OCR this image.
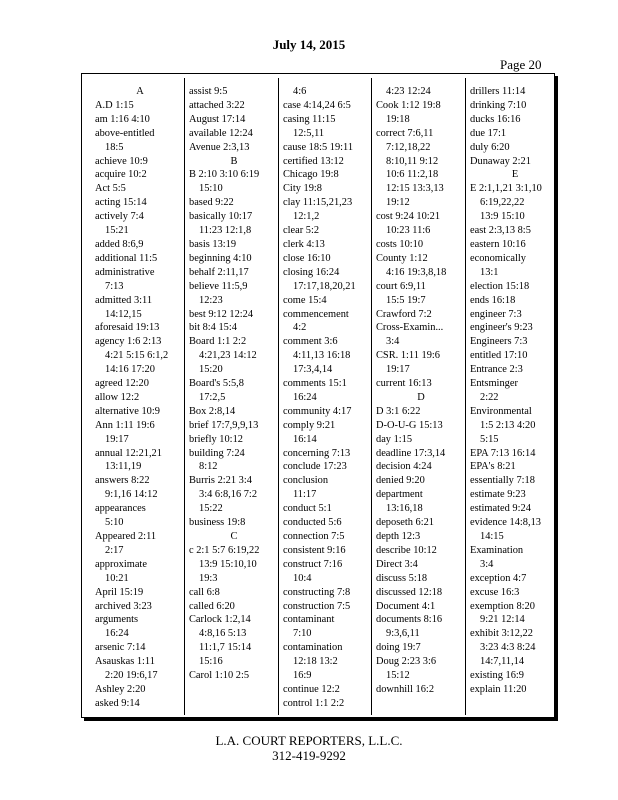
July 14, 2015
Page 20
A
A.D 1:15
am 1:16 4:10
above-entitled
18:5
achieve 10:9
acquire 10:2
Act 5:5
acting 15:14
actively 7:4
15:21
added 8:6,9
additional 11:5
administrative
7:13
admitted 3:11
14:12,15
aforesaid 19:13
agency 1:6 2:13
4:21 5:15 6:1,2
14:16 17:20
agreed 12:20
allow 12:2
alternative 10:9
Ann 1:11 19:6
19:17
annual 12:21,21
13:11,19
answers 8:22
9:1,16 14:12
appearances
5:10
Appeared 2:11
2:17
approximate
10:21
April 15:19
archived 3:23
arguments
16:24
arsenic 7:14
Asauskas 1:11
2:20 19:6,17
Ashley 2:20
asked 9:14
assist 9:5
attached 3:22
August 17:14
available 12:24
Avenue 2:3,13
B
B 2:10 3:10 6:19
15:10
based 9:22
basically 10:17
11:23 12:1,8
basis 13:19
beginning 4:10
behalf 2:11,17
believe 11:5,9
12:23
best 9:12 12:24
bit 8:4 15:4
Board 1:1 2:2
4:21,23 14:12
15:20
Board's 5:5,8
17:2,5
Box 2:8,14
brief 17:7,9,9,13
briefly 10:12
building 7:24
8:12
Burris 2:21 3:4
3:4 6:8,16 7:2
15:22
business 19:8
C
c 2:1 5:7 6:19,22
13:9 15:10,10
19:3
call 6:8
called 6:20
Carlock 1:2,14
4:8,16 5:13
11:1,7 15:14
15:16
Carol 1:10 2:5
4:6
case 4:14,24 6:5
casing 11:15
12:5,11
cause 18:5 19:11
certified 13:12
Chicago 19:8
City 19:8
clay 11:15,21,23
12:1,2
clear 5:2
clerk 4:13
close 16:10
closing 16:24
17:17,18,20,21
come 15:4
commencement
4:2
comment 3:6
4:11,13 16:18
17:3,4,14
comments 15:1
16:24
community 4:17
comply 9:21
16:14
concerning 7:13
conclude 17:23
conclusion
11:17
conduct 5:1
conducted 5:6
connection 7:5
consistent 9:16
construct 7:16
10:4
constructing 7:8
construction 7:5
contaminant
7:10
contamination
12:18 13:2
16:9
continue 12:2
control 1:1 2:2
4:23 12:24
Cook 1:12 19:8
19:18
correct 7:6,11
7:12,18,22
8:10,11 9:12
10:6 11:2,18
12:15 13:3,13
19:12
cost 9:24 10:21
10:23 11:6
costs 10:10
County 1:12
4:16 19:3,8,18
court 6:9,11
15:5 19:7
Crawford 7:2
Cross-Examin...
3:4
CSR. 1:11 19:6
19:17
current 16:13
D
D 3:1 6:22
D-O-U-G 15:13
day 1:15
deadline 17:3,14
decision 4:24
denied 9:20
department
13:16,18
deposeth 6:21
depth 12:3
describe 10:12
Direct 3:4
discuss 5:18
discussed 12:18
Document 4:1
documents 8:16
9:3,6,11
doing 19:7
Doug 2:23 3:6
15:12
downhill 16:2
drillers 11:14
drinking 7:10
ducks 16:16
due 17:1
duly 6:20
Dunaway 2:21
E
E 2:1,1,21 3:1,10
6:19,22,22
13:9 15:10
east 2:3,13 8:5
eastern 10:16
economically
13:1
election 15:18
ends 16:18
engineer 7:3
engineer's 9:23
Engineers 7:3
entitled 17:10
Entrance 2:3
Entsminger
2:22
Environmental
1:5 2:13 4:20
5:15
EPA 7:13 16:14
EPA's 8:21
essentially 7:18
estimate 9:23
estimated 9:24
evidence 14:8,13
14:15
Examination
3:4
exception 4:7
excuse 16:3
exemption 8:20
9:21 12:14
exhibit 3:12,22
3:23 4:3 8:24
14:7,11,14
existing 16:9
explain 11:20
L.A. COURT REPORTERS, L.L.C.
312-419-9292
